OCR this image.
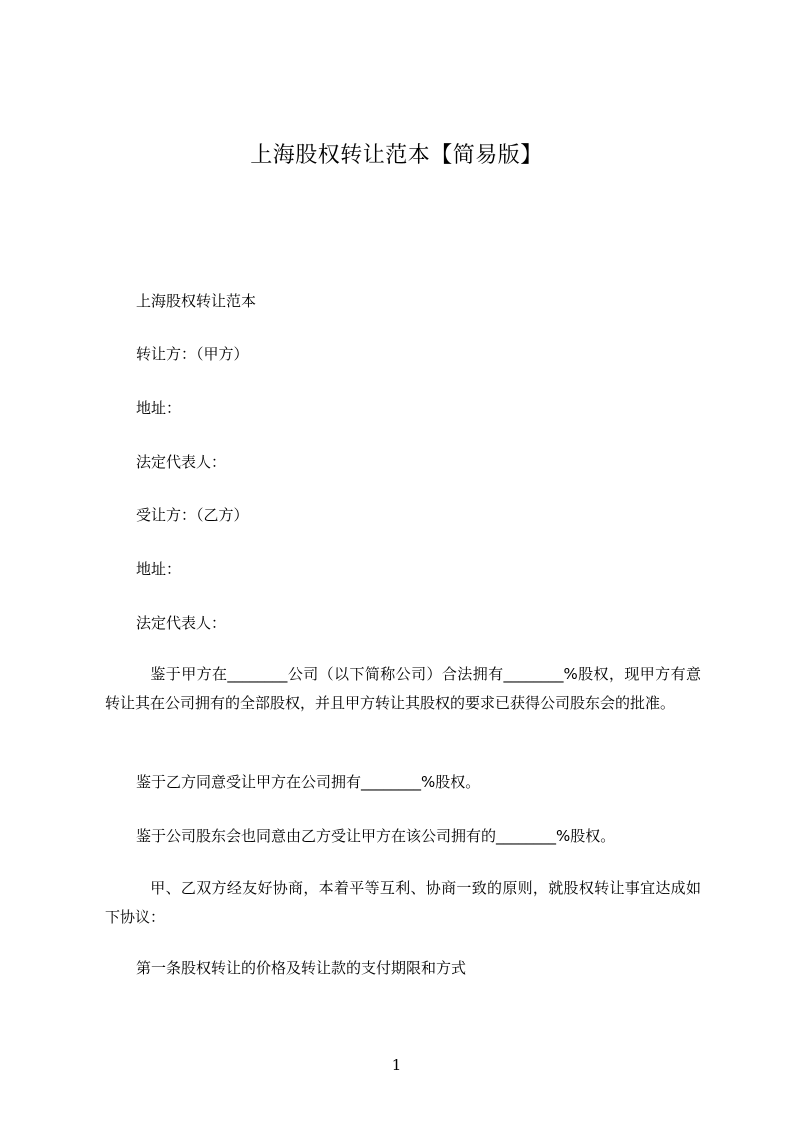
上海股权转让范本【简易版】
上海股权转让范本
转让方：（甲方）
地址：
法定代表人：
受让方：（乙方）
地址：
法定代表人：
　鉴于甲方在________公司（以下简称公司）合法拥有________%股权，现甲方有意转让其在公司拥有的全部股权，并且甲方转让其股权的要求已获得公司股东会的批准。
鉴于乙方同意受让甲方在公司拥有________%股权。
鉴于公司股东会也同意由乙方受让甲方在该公司拥有的________%股权。
　甲、乙双方经友好协商，本着平等互利、协商一致的原则，就股权转让事宜达成如下协议：
第一条股权转让的价格及转让款的支付期限和方式
1
